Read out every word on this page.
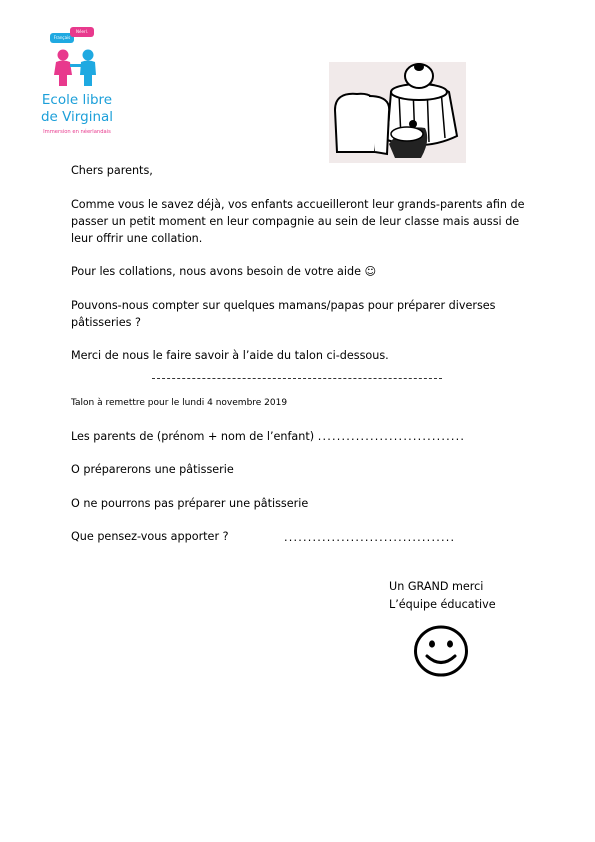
Français
Néerl.
Ecole libre
de Virginal
Immersion en néerlandais
Chers parents,
Comme vous le savez déjà, vos enfants accueilleront leur grands-parents afin de
passer un petit moment en leur compagnie au sein de leur classe mais aussi de
leur offrir une collation.
Pour les collations, nous avons besoin de votre aide ☺
Pouvons-nous compter sur quelques mamans/papas pour préparer diverses
pâtisseries ?
Merci de nous le faire savoir à l’aide du talon ci-dessous.
Talon à remettre pour le lundi 4 novembre 2019
Les parents de (prénom + nom de l’enfant) ...............................
O préparerons une pâtisserie
O ne pourrons pas préparer une pâtisserie
Que pensez-vous apporter ?	....................................
Un GRAND merci
L’équipe éducative
